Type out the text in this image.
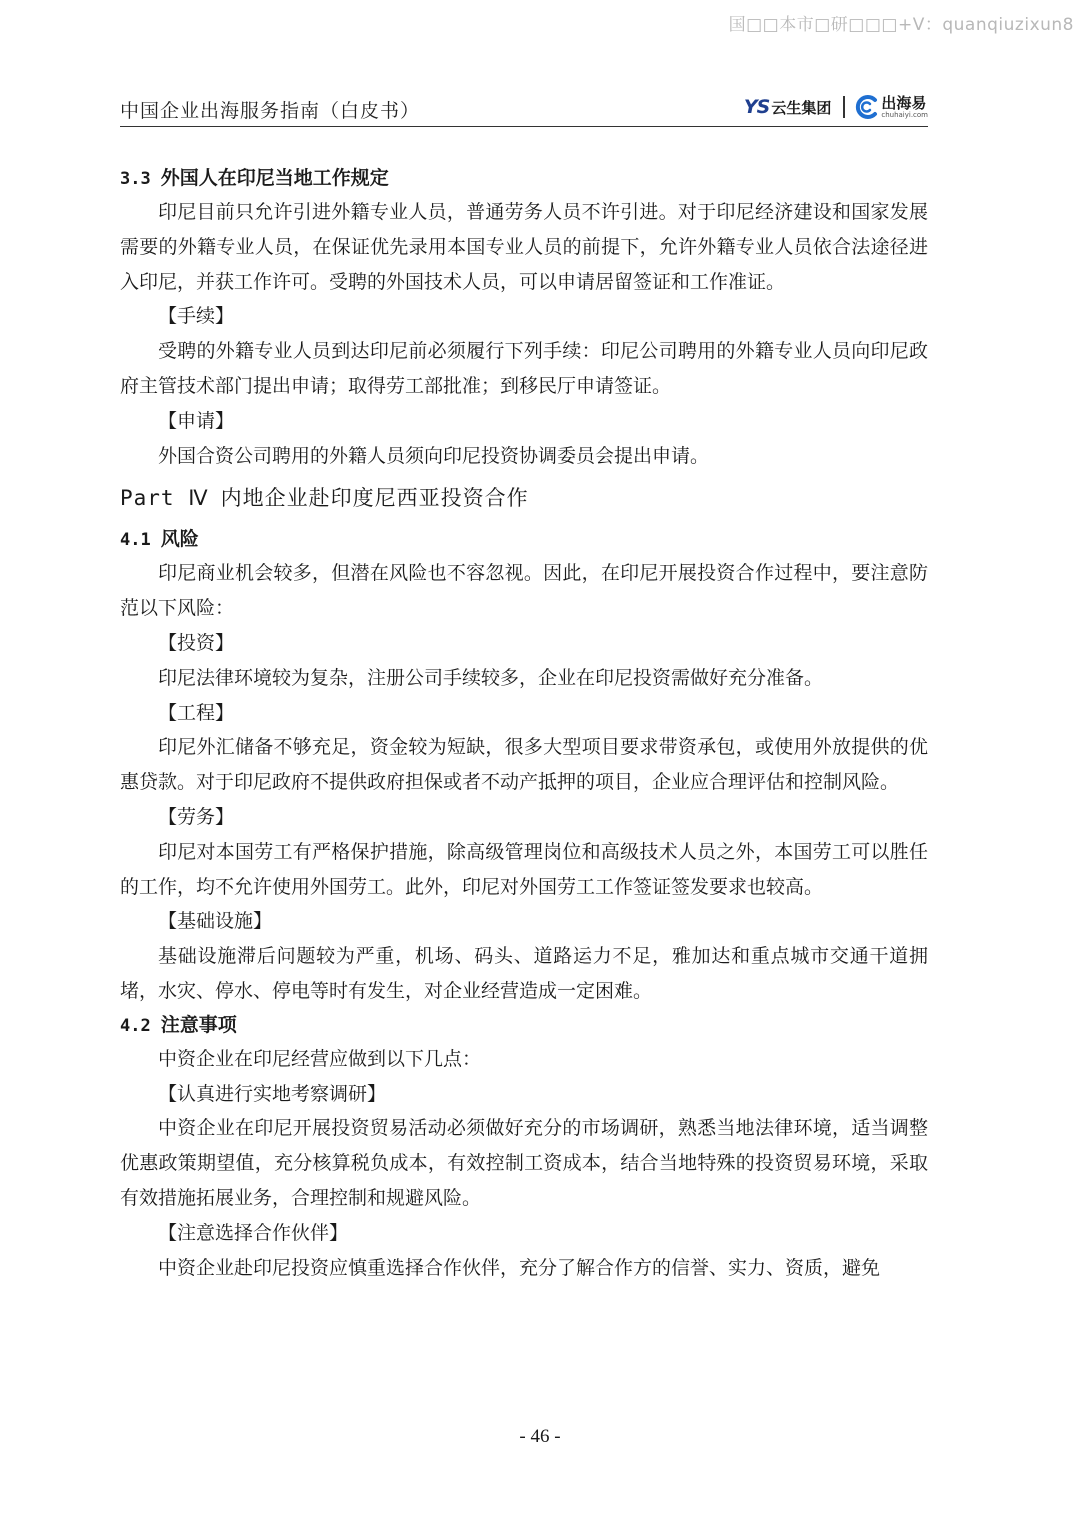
国□□本市□研□□□+V：quanqiuzixun8
中国企业出海服务指南（白皮书）	YS 云生集团	出海易
chuhaiyi.com
3.3 外国人在印尼当地工作规定

印尼目前只允许引进外籍专业人员，普通劳务人员不许引进。对于印尼经济建设和国家发展需要的外籍专业人员，在保证优先录用本国专业人员的前提下，允许外籍专业人员依合法途径进入印尼，并获工作许可。受聘的外国技术人员，可以申请居留签证和工作准证。

【手续】

受聘的外籍专业人员到达印尼前必须履行下列手续：印尼公司聘用的外籍专业人员向印尼政府主管技术部门提出申请；取得劳工部批准；到移民厅申请签证。

【申请】

外国合资公司聘用的外籍人员须向印尼投资协调委员会提出申请。

Part Ⅳ 内地企业赴印度尼西亚投资合作
4.1 风险

印尼商业机会较多，但潜在风险也不容忽视。因此，在印尼开展投资合作过程中，要注意防范以下风险：

【投资】

印尼法律环境较为复杂，注册公司手续较多，企业在印尼投资需做好充分准备。

【工程】

印尼外汇储备不够充足，资金较为短缺，很多大型项目要求带资承包，或使用外放提供的优惠贷款。对于印尼政府不提供政府担保或者不动产抵押的项目，企业应合理评估和控制风险。

【劳务】

印尼对本国劳工有严格保护措施，除高级管理岗位和高级技术人员之外，本国劳工可以胜任的工作，均不允许使用外国劳工。此外，印尼对外国劳工工作签证签发要求也较高。

【基础设施】

基础设施滞后问题较为严重，机场、码头、道路运力不足，雅加达和重点城市交通干道拥堵，水灾、停水、停电等时有发生，对企业经营造成一定困难。

4.2 注意事项

中资企业在印尼经营应做到以下几点：

【认真进行实地考察调研】

中资企业在印尼开展投资贸易活动必须做好充分的市场调研，熟悉当地法律环境，适当调整优惠政策期望值，充分核算税负成本，有效控制工资成本，结合当地特殊的投资贸易环境，采取有效措施拓展业务，合理控制和规避风险。

【注意选择合作伙伴】

中资企业赴印尼投资应慎重选择合作伙伴，充分了解合作方的信誉、实力、资质，避免

- 46 -
